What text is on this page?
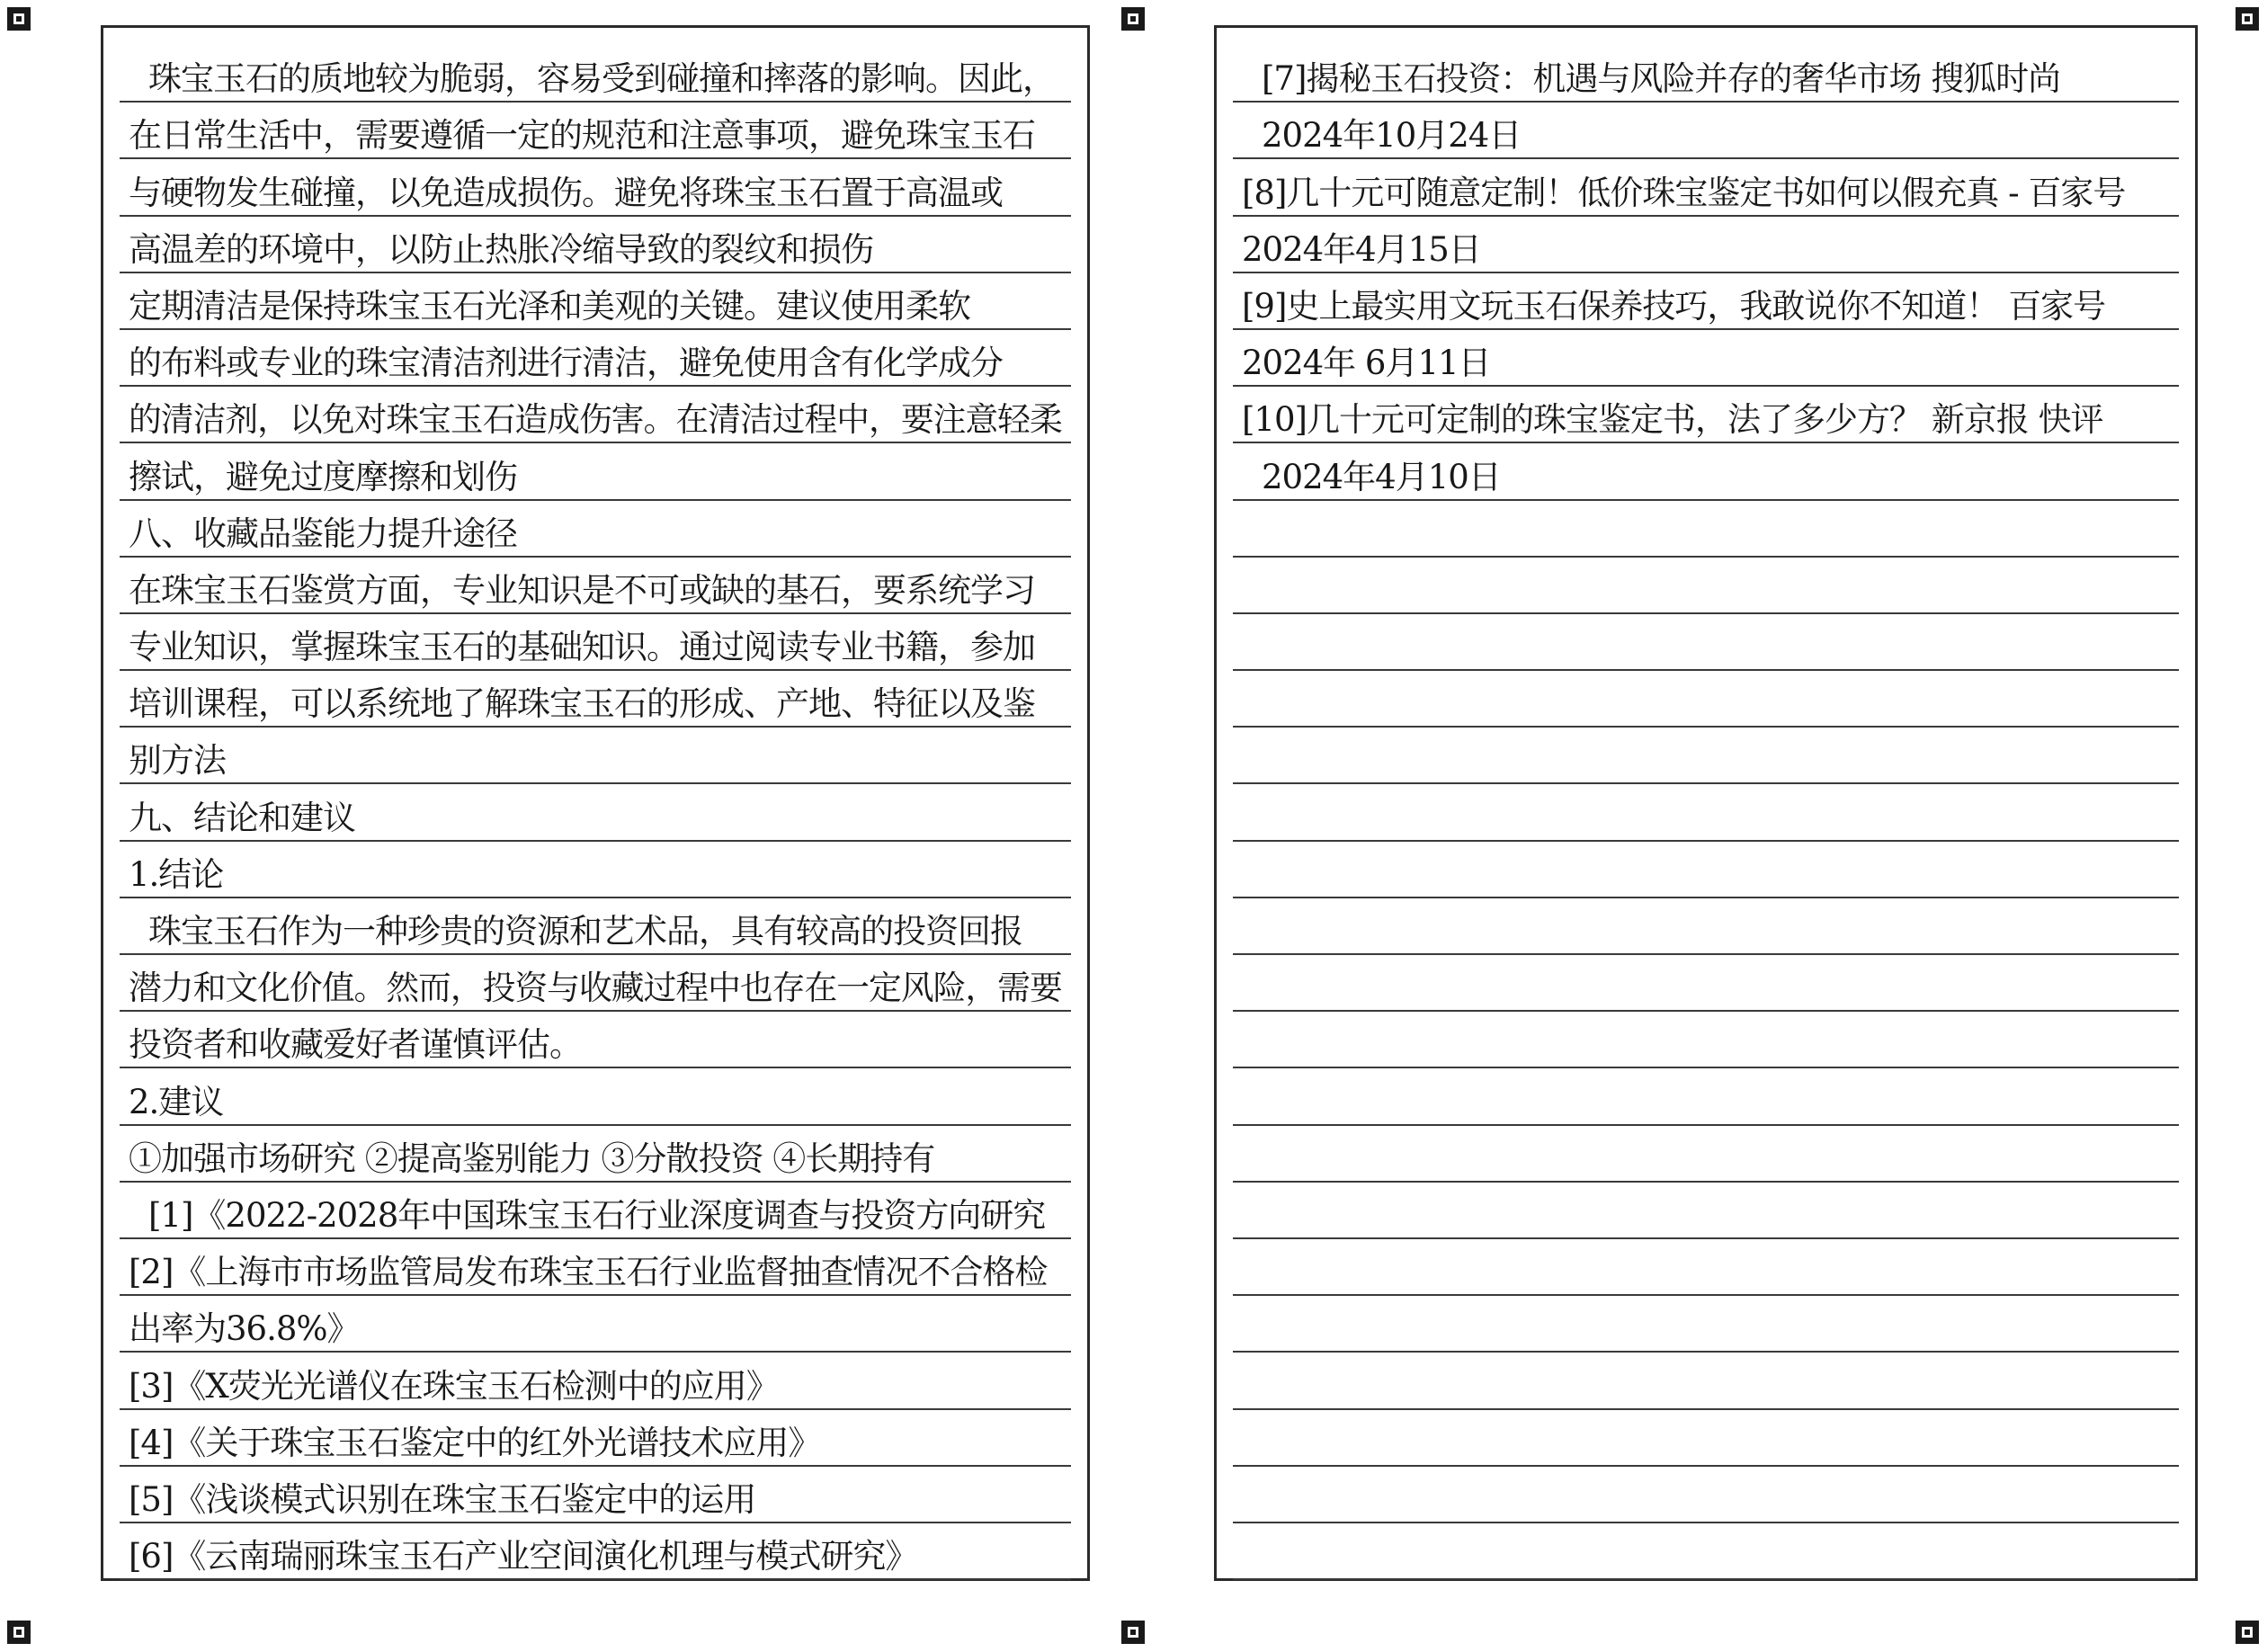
珠宝玉石的质地较为脆弱，容易受到碰撞和摔落的影响。因此，
在日常生活中，需要遵循一定的规范和注意事项，避免珠宝玉石
与硬物发生碰撞，以免造成损伤。避免将珠宝玉石置于高温或
高温差的环境中，以防止热胀冷缩导致的裂纹和损伤
定期清洁是保持珠宝玉石光泽和美观的关键。建议使用柔软
的布料或专业的珠宝清洁剂进行清洁，避免使用含有化学成分
的清洁剂，以免对珠宝玉石造成伤害。在清洁过程中，要注意轻柔
擦试，避免过度摩擦和划伤
八、收藏品鉴能力提升途径
在珠宝玉石鉴赏方面，专业知识是不可或缺的基石，要系统学习
专业知识，掌握珠宝玉石的基础知识。通过阅读专业书籍，参加
培训课程，可以系统地了解珠宝玉石的形成、产地、特征以及鉴
别方法
九、结论和建议
1.结论
珠宝玉石作为一种珍贵的资源和艺术品，具有较高的投资回报
潜力和文化价值。然而，投资与收藏过程中也存在一定风险，需要
投资者和收藏爱好者谨慎评估。
2.建议
①加强市场研究 ②提高鉴别能力 ③分散投资 ④长期持有
[1]《2022-2028年中国珠宝玉石行业深度调查与投资方向研究
[2]《上海市市场监管局发布珠宝玉石行业监督抽查情况不合格检
出率为36.8%》
[3]《X荧光光谱仪在珠宝玉石检测中的应用》
[4]《关于珠宝玉石鉴定中的红外光谱技术应用》
[5]《浅谈模式识别在珠宝玉石鉴定中的运用
[6]《云南瑞丽珠宝玉石产业空间演化机理与模式研究》
[7]揭秘玉石投资：机遇与风险并存的奢华市场 搜狐时尚
2024年10月24日
[8]几十元可随意定制！低价珠宝鉴定书如何以假充真 - 百家号
2024年4月15日
[9]史上最实用文玩玉石保养技巧，我敢说你不知道！ 百家号
2024年 6月11日
[10]几十元可定制的珠宝鉴定书，法了多少方？ 新京报 快评
2024年4月10日
